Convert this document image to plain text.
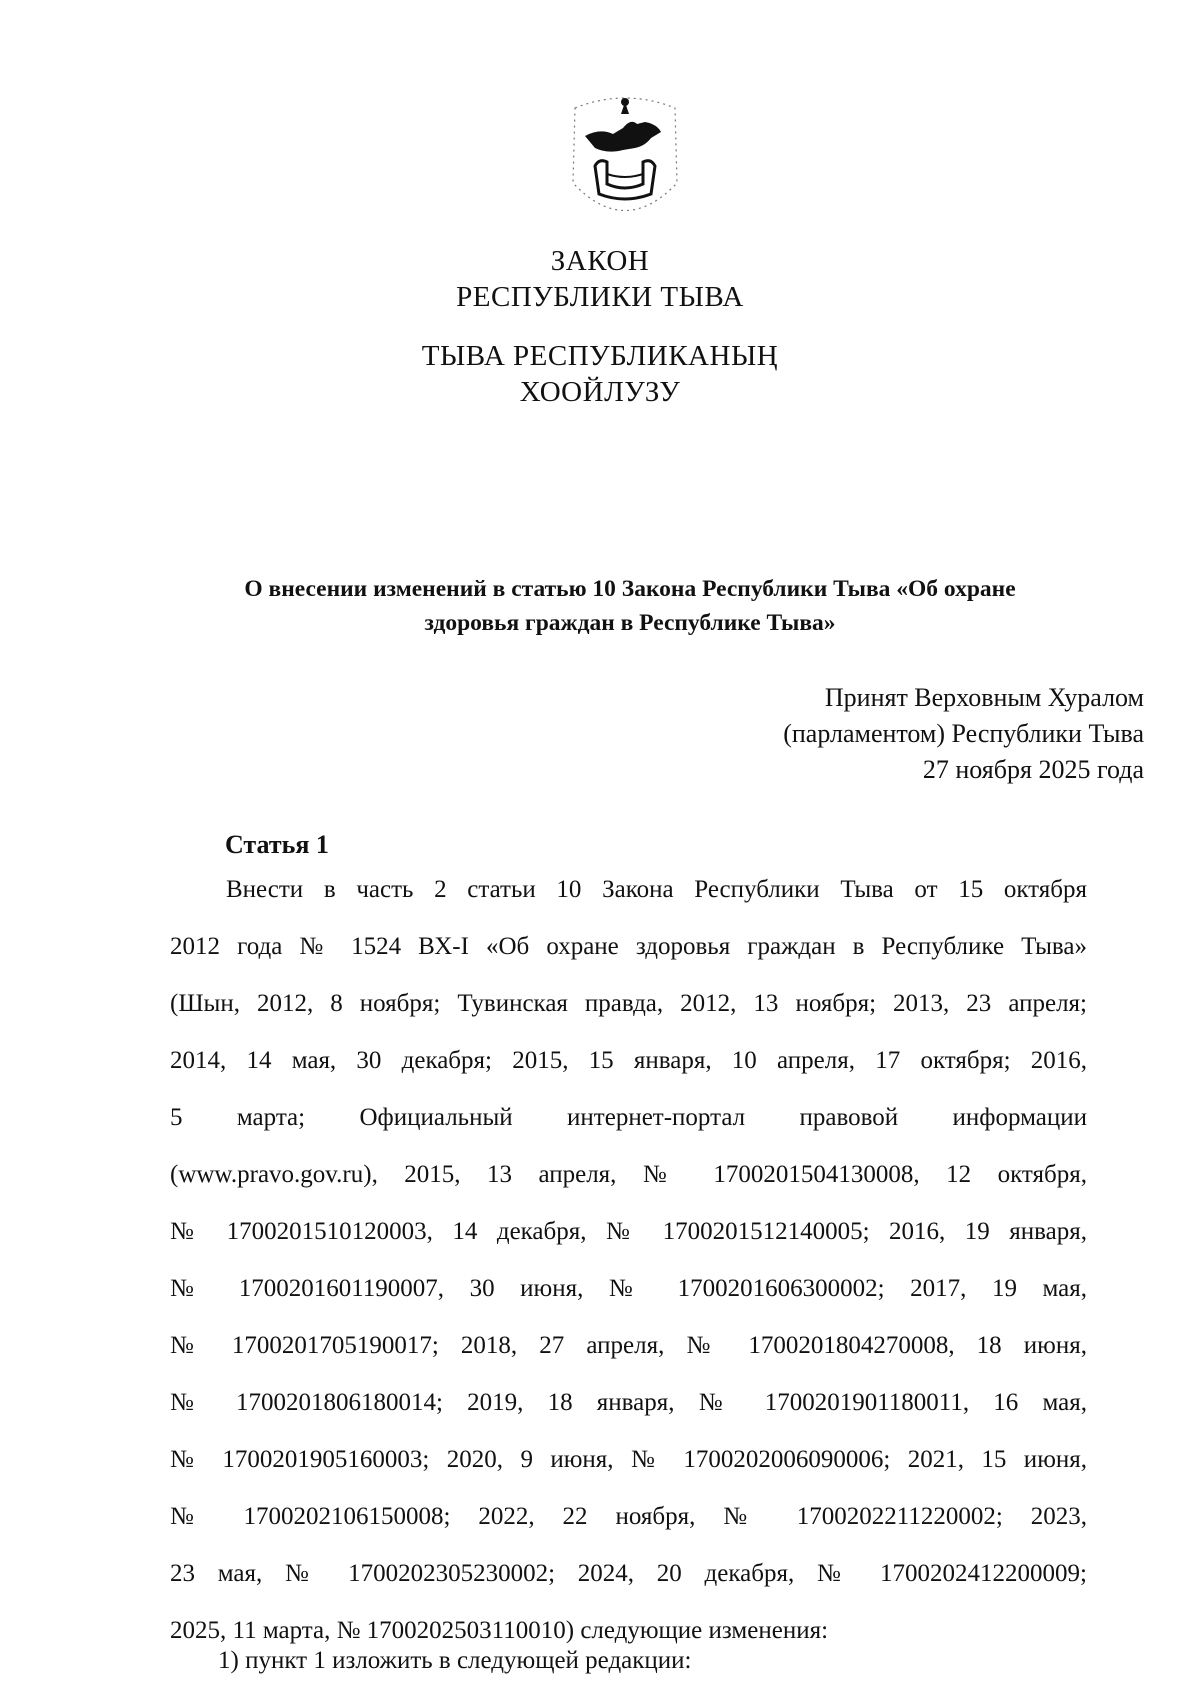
ЗАКОН
РЕСПУБЛИКИ ТЫВА
ТЫВА РЕСПУБЛИКАНЫҢ
ХООЙЛУЗУ
О внесении изменений в статью 10 Закона Республики Тыва «Об охране
здоровья граждан в Республике Тыва»
Принят Верховным Хуралом
(парламентом) Республики Тыва
27 ноября 2025 года
Статья 1
Внести в часть 2 статьи 10 Закона Республики Тыва от 15 октября
2012 года № 1524 ВХ-I «Об охране здоровья граждан в Республике Тыва»
(Шын, 2012, 8 ноября; Тувинская правда, 2012, 13 ноября; 2013, 23 апреля;
2014, 14 мая, 30 декабря; 2015, 15 января, 10 апреля, 17 октября; 2016,
5 марта; Официальный интернет-портал правовой информации
(www.pravo.gov.ru), 2015, 13 апреля, № 1700201504130008, 12 октября,
№ 1700201510120003, 14 декабря, № 1700201512140005; 2016, 19 января,
№ 1700201601190007, 30 июня, № 1700201606300002; 2017, 19 мая,
№ 1700201705190017; 2018, 27 апреля, № 1700201804270008, 18 июня,
№ 1700201806180014; 2019, 18 января, № 1700201901180011, 16 мая,
№ 1700201905160003; 2020, 9 июня, № 1700202006090006; 2021, 15 июня,
№ 1700202106150008; 2022, 22 ноября, № 1700202211220002; 2023,
23 мая, № 1700202305230002; 2024, 20 декабря, № 1700202412200009;
2025, 11 марта, № 1700202503110010) следующие изменения:
1) пункт 1 изложить в следующей редакции:
